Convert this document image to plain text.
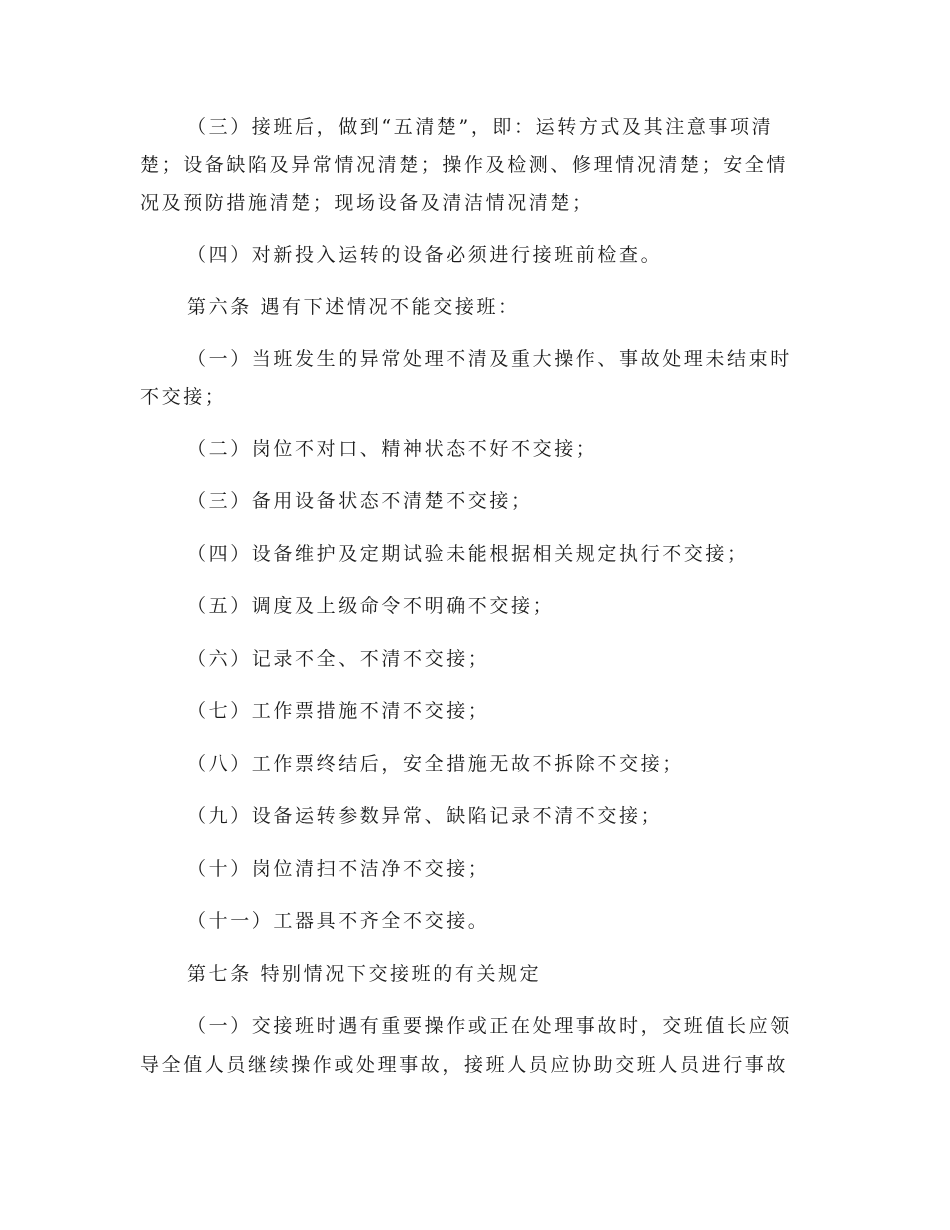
（三）接班后，做到“五清楚”，即：运转方式及其注意事项清
楚；设备缺陷及异常情况清楚；操作及检测、修理情况清楚；安全情
况及预防措施清楚；现场设备及清洁情况清楚；
（四）对新投入运转的设备必须进行接班前检查。
第六条 遇有下述情况不能交接班：
（一）当班发生的异常处理不清及重大操作、事故处理未结束时
不交接；
（二）岗位不对口、精神状态不好不交接；
（三）备用设备状态不清楚不交接；
（四）设备维护及定期试验未能根据相关规定执行不交接；
（五）调度及上级命令不明确不交接；
（六）记录不全、不清不交接；
（七）工作票措施不清不交接；
（八）工作票终结后，安全措施无故不拆除不交接；
（九）设备运转参数异常、缺陷记录不清不交接；
（十）岗位清扫不洁净不交接；
（十一）工器具不齐全不交接。
第七条 特别情况下交接班的有关规定
（一）交接班时遇有重要操作或正在处理事故时，交班值长应领
导全值人员继续操作或处理事故，接班人员应协助交班人员进行事故
